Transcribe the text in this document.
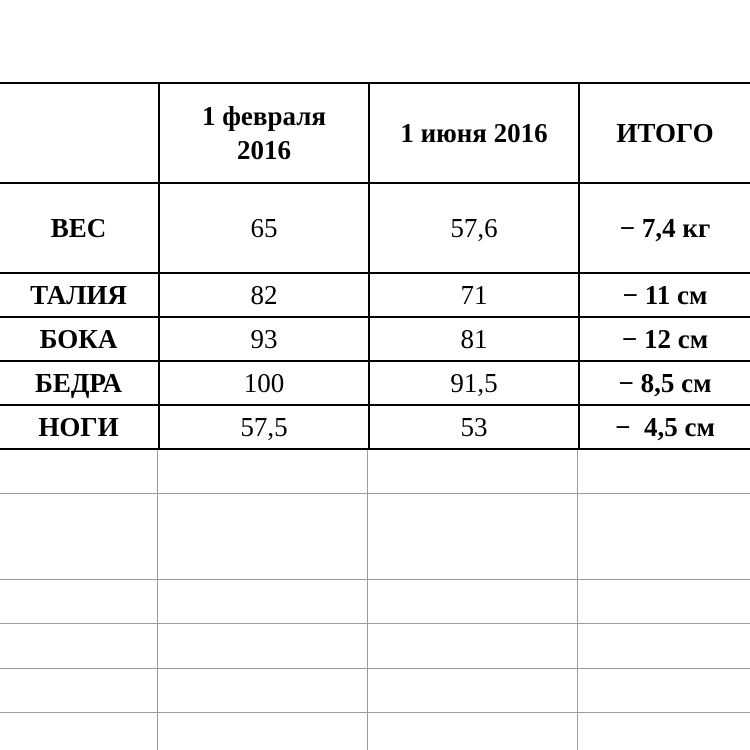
	1 февраля 2016	1 июня 2016	ИТОГО
ВЕС	65	57,6	− 7,4 кг
ТАЛИЯ	82	71	− 11 см
БОКА	93	81	− 12 см
БЕДРА	100	91,5	− 8,5 см
НОГИ	57,5	53	−  4,5 см
